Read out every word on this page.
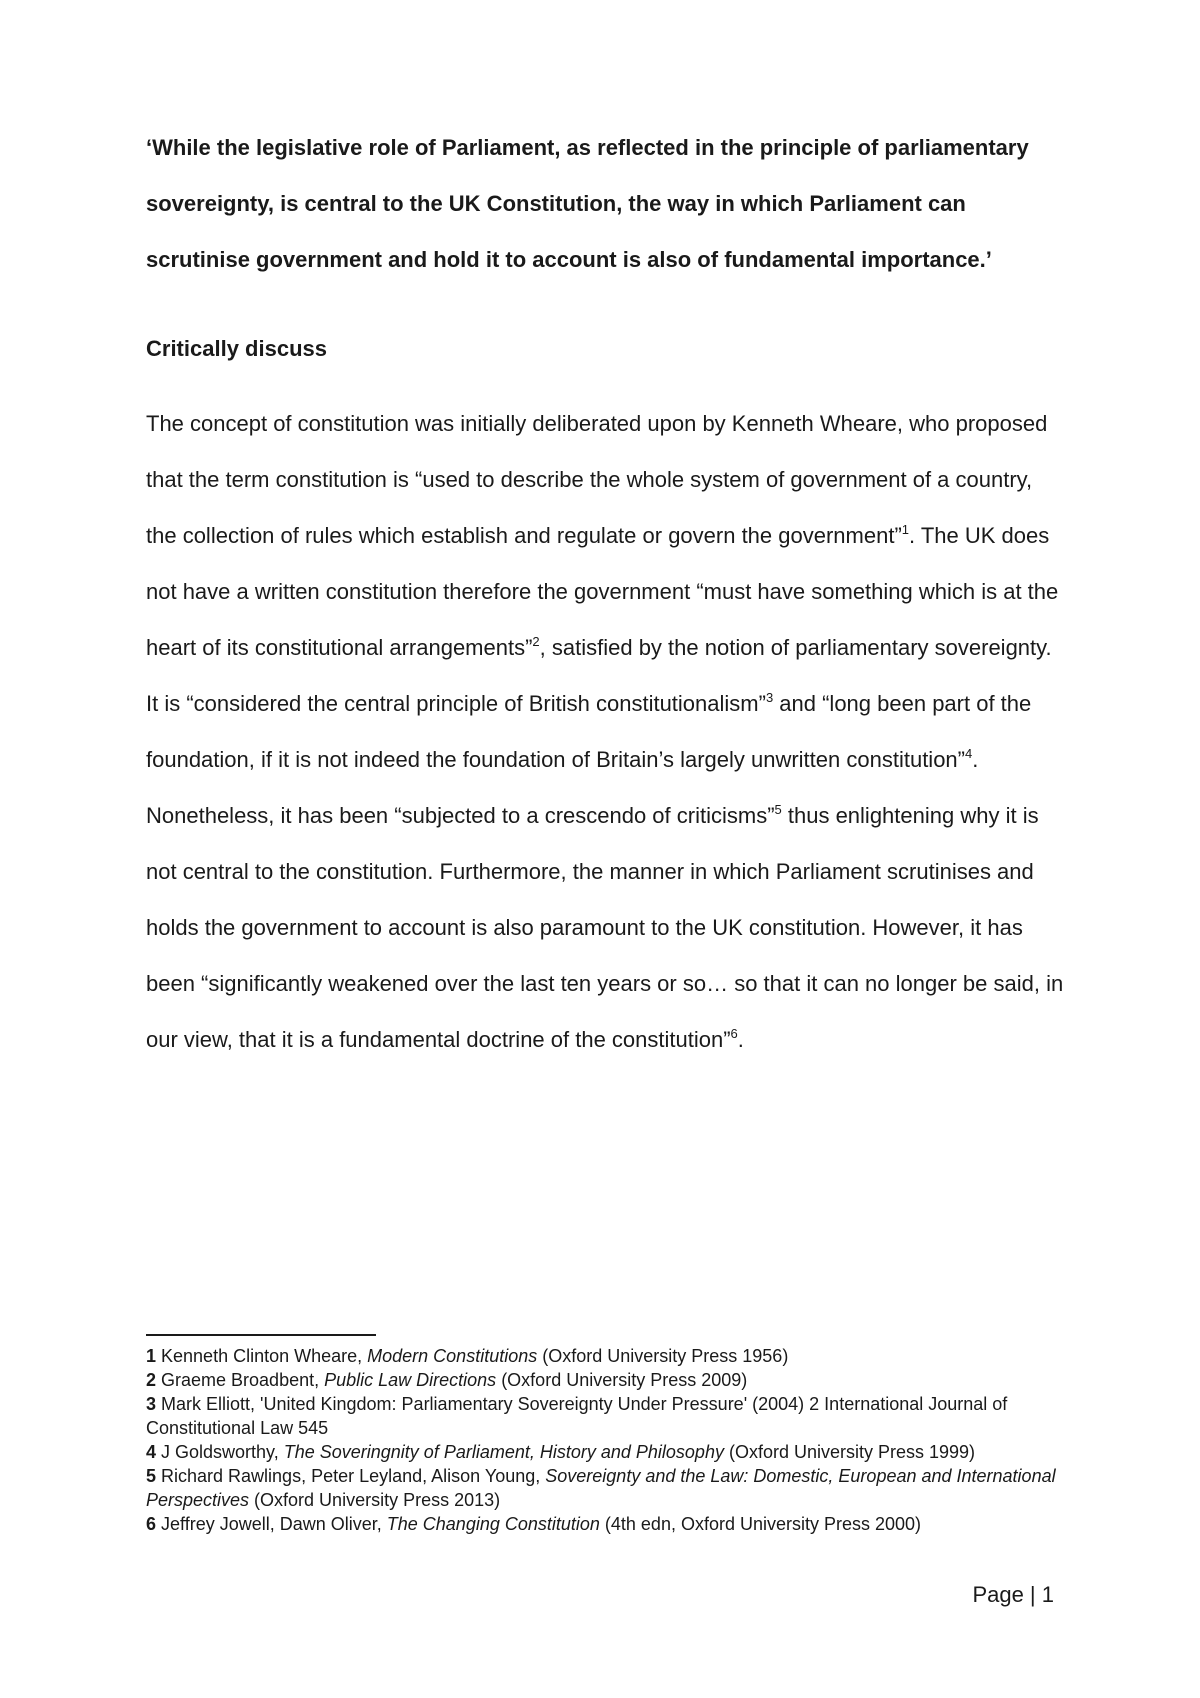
‘While the legislative role of Parliament, as reflected in the principle of parliamentary sovereignty, is central to the UK Constitution, the way in which Parliament can scrutinise government and hold it to account is also of fundamental importance.’

Critically discuss

The concept of constitution was initially deliberated upon by Kenneth Wheare, who proposed that the term constitution is “used to describe the whole system of government of a country, the collection of rules which establish and regulate or govern the government”$^1$. The UK does not have a written constitution therefore the government “must have something which is at the heart of its constitutional arrangements”$^2$, satisfied by the notion of parliamentary sovereignty. It is “considered the central principle of British constitutionalism”$^3$ and “long been part of the foundation, if it is not indeed the foundation of Britain’s largely unwritten constitution”$^4$. Nonetheless, it has been “subjected to a crescendo of criticisms”$^5$ thus enlightening why it is not central to the constitution. Furthermore, the manner in which Parliament scrutinises and holds the government to account is also paramount to the UK constitution. However, it has been “significantly weakened over the last ten years or so… so that it can no longer be said, in our view, that it is a fundamental doctrine of the constitution”$^6$.

1 Kenneth Clinton Wheare, Modern Constitutions (Oxford University Press 1956)

2 Graeme Broadbent, Public Law Directions (Oxford University Press 2009)

3 Mark Elliott, 'United Kingdom: Parliamentary Sovereignty Under Pressure' (2004) 2 International Journal of Constitutional Law 545

4 J Goldsworthy, The Soveringnity of Parliament, History and Philosophy (Oxford University Press 1999)

5 Richard Rawlings, Peter Leyland, Alison Young, Sovereignty and the Law: Domestic, European and International Perspectives (Oxford University Press 2013)

6 Jeffrey Jowell, Dawn Oliver, The Changing Constitution (4th edn, Oxford University Press 2000)

Page | 1
